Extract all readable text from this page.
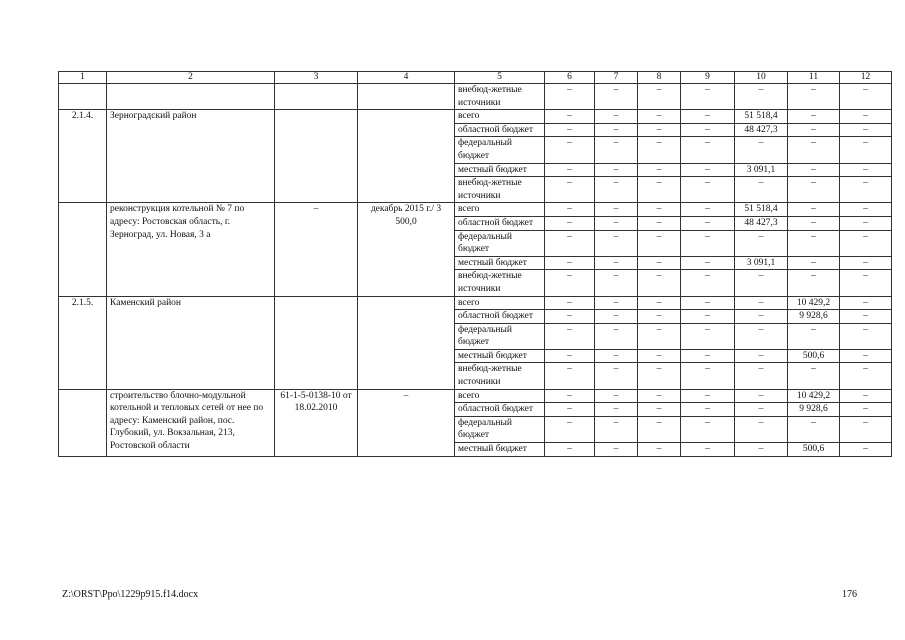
1	2	3	4	5	6	7	8	9	10	11	12
				внебюд-жетные источники	–	–	–	–	–	–	–
2.1.4.	Зерноградский район			всего	–	–	–	–	51 518,4	–	–
				областной бюджет	–	–	–	–	48 427,3	–	–
				федеральный бюджет	–	–	–	–	–	–	–
				местный бюджет	–	–	–	–	3 091,1	–	–
				внебюд-жетные источники	–	–	–	–	–	–	–
	реконструкция котельной № 7 по адресу: Ростовская область, г. Зерноград, ул. Новая, 3 а	–	декабрь 2015 г./ 3 500,0	всего	–	–	–	–	51 518,4	–	–
				областной бюджет	–	–	–	–	48 427,3	–	–
				федеральный бюджет	–	–	–	–	–	–	–
				местный бюджет	–	–	–	–	3 091,1	–	–
				внебюд-жетные источники	–	–	–	–	–	–	–
2.1.5.	Каменский район			всего	–	–	–	–	–	10 429,2	–
				областной бюджет	–	–	–	–	–	9 928,6	–
				федеральный бюджет	–	–	–	–	–	–	–
				местный бюджет	–	–	–	–	–	500,6	–
				внебюд-жетные источники	–	–	–	–	–	–	–
	строительство блочно-модульной котельной и тепловых сетей от нее по адресу: Каменский район, пос. Глубокий, ул. Вокзальная, 213, Ростовской области	61-1-5-0138-10 от 18.02.2010	–	всего	–	–	–	–	–	10 429,2	–
				областной бюджет	–	–	–	–	–	9 928,6	–
				федеральный бюджет	–	–	–	–	–	–	–
				местный бюджет	–	–	–	–	–	500,6	–
Z:\ORST\Ppo\1229p915.f14.docx	176
